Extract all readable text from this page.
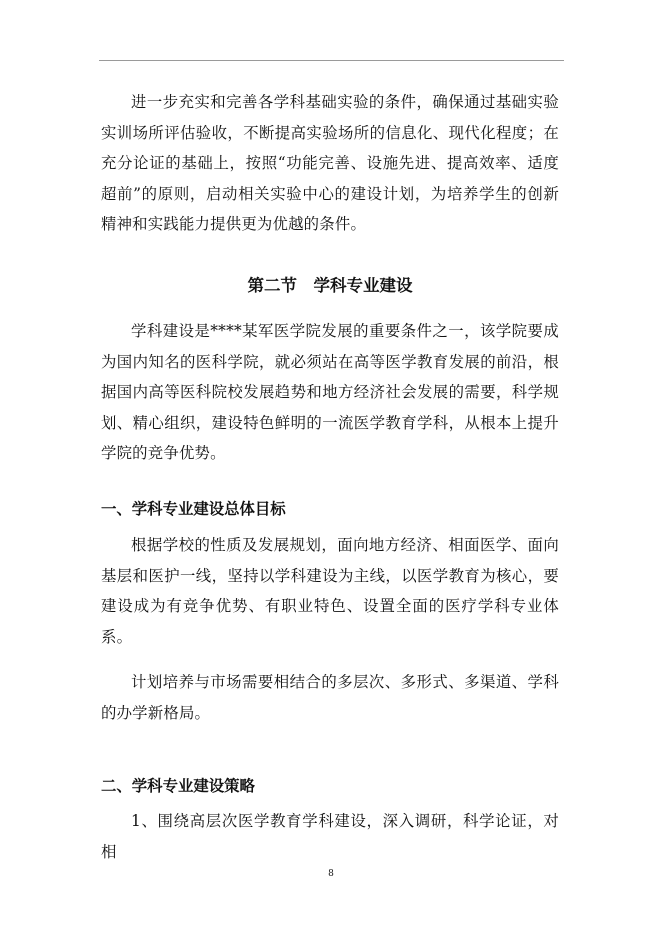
进一步充实和完善各学科基础实验的条件，确保通过基础实验实训场所评估验收，不断提高实验场所的信息化、现代化程度；在充分论证的基础上，按照“功能完善、设施先进、提高效率、适度超前”的原则，启动相关实验中心的建设计划，为培养学生的创新精神和实践能力提供更为优越的条件。

第二节　学科专业建设

学科建设是****某军医学院发展的重要条件之一，该学院要成为国内知名的医科学院，就必须站在高等医学教育发展的前沿，根据国内高等医科院校发展趋势和地方经济社会发展的需要，科学规划、精心组织，建设特色鲜明的一流医学教育学科，从根本上提升学院的竞争优势。

一、学科专业建设总体目标

根据学校的性质及发展规划，面向地方经济、相面医学、面向基层和医护一线，坚持以学科建设为主线，以医学教育为核心，要建设成为有竞争优势、有职业特色、设置全面的医疗学科专业体系。

计划培养与市场需要相结合的多层次、多形式、多渠道、学科的办学新格局。

二、学科专业建设策略

1、围绕高层次医学教育学科建设，深入调研，科学论证，对相

8
